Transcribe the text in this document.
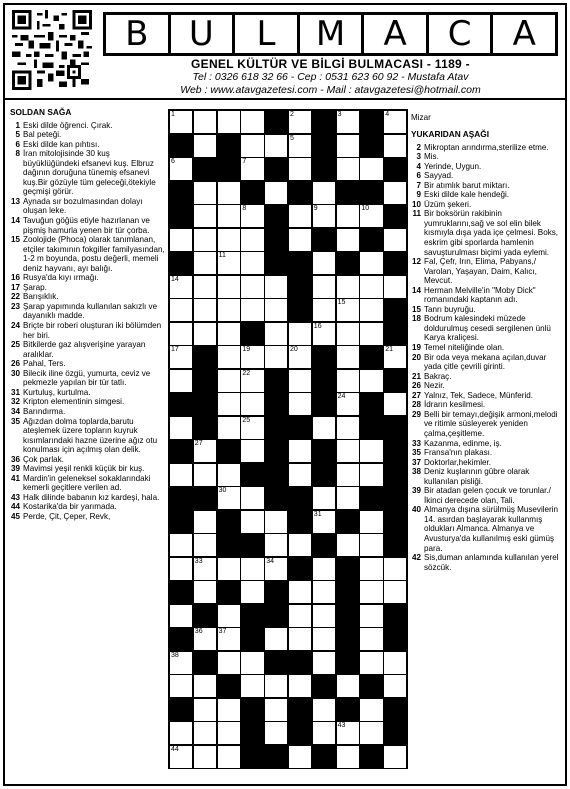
B	U	L	M	A	C	A
GENEL KÜLTÜR VE BİLGİ BULMACASI - 1189 -
Tel : 0326 618 32 66 - Cep : 0531 623 60 92 - Mustafa Atav
Web : www.atavgazetesi.com - Mail : atavgazetesi@hotmail.com
SOLDAN SAĞA
1 Eski dilde öğrenci. Çırak.
5 Bal peteği.
6 Eski dilde kan pıhtısı.
8 İran mitolojisinde 30 kuş büyüklüğündeki efsanevi kuş. Elbruz dağının doruğuna tünemiş efsanevi kuş.Bir gözüyle tüm geleceği,ötekiyle geçmişi görür.
13 Aynada sır bozulmasından dolayı oluşan leke.
14 Tavuğun göğüs etiyle hazırlanan ve pişmiş hamurla yenen bir tür çorba.
15 Zoolojide (Phoca) olarak tanımlanan, etçiler takımının fokgiller familyasından, 1-2 m boyunda, postu değerli, memeli deniz hayvanı, ayı balığı.
16 Rusya'da kıyı ırmağı.
17 Şarap.
22 Barışıklık.
23 Şarap yapımında kullanılan sakızlı ve dayanıklı madde.
24 Briçte bir roberi oluşturan iki bölümden her biri.
25 Bitkilerde gaz alışverişine yarayan aralıklar.
26 Pahal, Ters.
30 Bilecik iline özgü, yumurta, ceviz ve pekmezle yapılan bir tür tatlı.
31 Kurtuluş, kurtulma.
32 Kripton elementinin simgesi.
34 Barındırma.
35 Ağızdan dolma toplarda,barutu ateşlemek üzere topların kuyruk kısımlarındaki hazne üzerine ağız otu konulması için açılmış olan delik.
36 Çok parlak.
39 Mavimsi yeşil renkli küçük bir kuş.
41 Mardin'in geleneksel sokaklarındaki kemerli geçitlere verilen ad.
43 Halk dilinde babanın kız kardeşi, hala.
44 Kostarika'da bir yarımada.
45 Perde, Çit, Çeper, Revk,
Mizar
YUKARIDAN AŞAĞI
2 Mikroptan arındırma,sterilize etme.
3 Mis.
4 Yerinde, Uygun.
6 Sayyad.
7 Bir atımlık barut miktarı.
9 Eski dilde kale hendeği.
10 Üzüm şekeri.
11 Bir boksörün rakibinin yumruklarını,sağ ve sol elin bilek kısmıyla dışa yada içe çelmesi. Boks, eskrim gibi sporlarda hamlenin savuşturulması biçimi yada eylemi.
12 Fal, Çefr, Irın, Elima, Pabyans,/ Varolan, Yaşayan, Daim, Kalıcı, Mevcut.
14 Herman Melville'in "Moby Dick" romanındaki kaptanın adı.
15 Tanrı buyruğu.
18 Bodrum kalesindeki müzede doldurulmuş cesedi sergilenen ünlü Karya kraliçesi.
19 Temel niteliğinde olan.
20 Bir oda veya mekana açılan,duvar yada çitle çevrili girinti.
21 Bakraç.
26 Nezir.
27 Yalnız, Tek, Sadece, Münferid.
28 İdrarın kesilmesi.
29 Belli bir temayı,değişik armoni,melodi ve ritimle süsleyerek yeniden çalma,çeşitleme.
33 Kazanma, edinme, iş.
35 Fransa'nın plakası.
37 Doktorlar,hekimler.
38 Deniz kuşlarının gübre olarak kullanılan pisliği.
39 Bir atadan gelen çocuk ve torunlar./İkinci derecede olan, Tali.
40 Almanya dışına sürülmüş Musevilerin 14. asırdan başlayarak kullanmış oldukları Almanca. Almanya ve Avusturya'da kullanılmış eski gümüş para.
42 Sis,duman anlamında kullanılan yerel sözcük.
1	2	3	4
5
6	7
8	9	10
11
14
15
16
17	19	20	21
22
24
25
27
30
31
33	34
36 37
38
43
44
